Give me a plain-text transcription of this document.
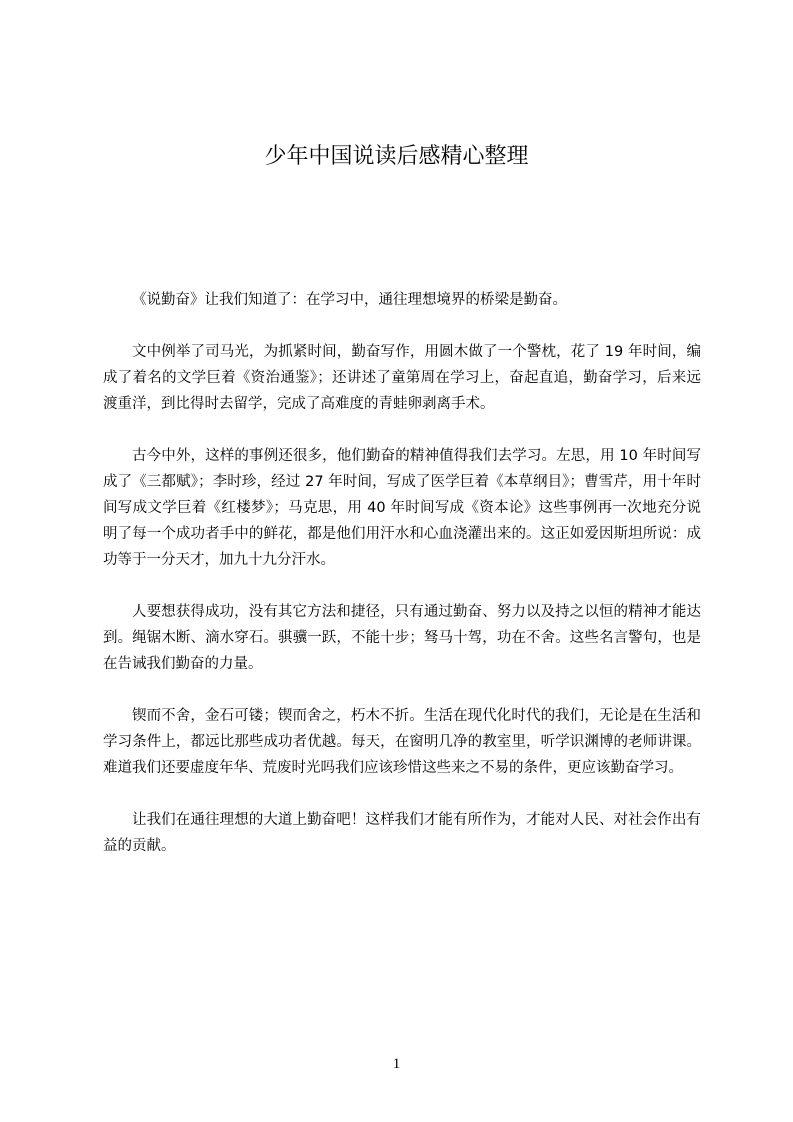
少年中国说读后感精心整理

《说勤奋》让我们知道了：在学习中，通往理想境界的桥梁是勤奋。

文中例举了司马光，为抓紧时间，勤奋写作，用圆木做了一个警枕，花了 19 年时间，编成了着名的文学巨着《资治通鉴》；还讲述了童第周在学习上，奋起直追，勤奋学习，后来远渡重洋，到比得时去留学，完成了高难度的青蛙卵剥离手术。

古今中外，这样的事例还很多，他们勤奋的精神值得我们去学习。左思，用 10 年时间写成了《三都赋》；李时珍，经过 27 年时间，写成了医学巨着《本草纲目》；曹雪芹，用十年时间写成文学巨着《红楼梦》；马克思，用 40 年时间写成《资本论》这些事例再一次地充分说明了每一个成功者手中的鲜花，都是他们用汗水和心血浇灌出来的。这正如爱因斯坦所说：成功等于一分天才，加九十九分汗水。

人要想获得成功，没有其它方法和捷径，只有通过勤奋、努力以及持之以恒的精神才能达到。绳锯木断、滴水穿石。骐骥一跃，不能十步；驽马十驾，功在不舍。这些名言警句，也是在告诫我们勤奋的力量。

锲而不舍，金石可镂；锲而舍之，朽木不折。生活在现代化时代的我们，无论是在生活和学习条件上，都远比那些成功者优越。每天，在窗明几净的教室里，听学识渊博的老师讲课。难道我们还要虚度年华、荒废时光吗我们应该珍惜这些来之不易的条件，更应该勤奋学习。

让我们在通往理想的大道上勤奋吧！这样我们才能有所作为，才能对人民、对社会作出有益的贡献。

1
